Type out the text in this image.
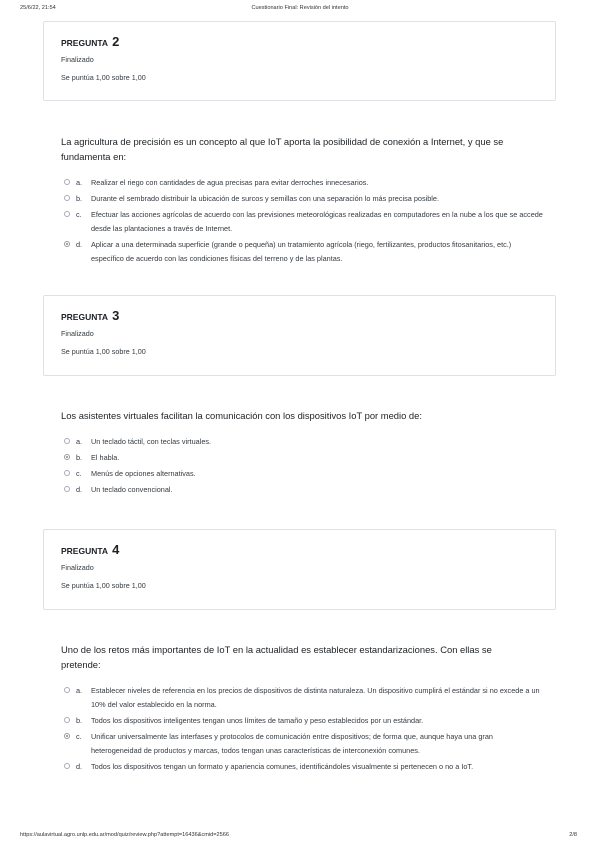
25/6/22, 21:54	Cuestionario Final: Revisión del intento
PREGUNTA 2
Finalizado
Se puntúa 1,00 sobre 1,00
La agricultura de precisión es un concepto al que IoT aporta la posibilidad de conexión a Internet, y que se fundamenta en:
a. Realizar el riego con cantidades de agua precisas para evitar derroches innecesarios.
b. Durante el sembrado distribuir la ubicación de surcos y semillas con una separación lo más precisa posible.
c. Efectuar las acciones agrícolas de acuerdo con las previsiones meteorológicas realizadas en computadores en la nube a los que se accede desde las plantaciones a través de Internet.
d. Aplicar a una determinada superficie (grande o pequeña) un tratamiento agrícola (riego, fertilizantes, productos fitosanitarios, etc.) específico de acuerdo con las condiciones físicas del terreno y de las plantas.
PREGUNTA 3
Finalizado
Se puntúa 1,00 sobre 1,00
Los asistentes virtuales facilitan la comunicación con los dispositivos IoT por medio de:
a. Un teclado táctil, con teclas virtuales.
b. El habla.
c. Menús de opciones alternativas.
d. Un teclado convencional.
PREGUNTA 4
Finalizado
Se puntúa 1,00 sobre 1,00
Uno de los retos más importantes de IoT en la actualidad es establecer estandarizaciones. Con ellas se pretende:
a. Establecer niveles de referencia en los precios de dispositivos de distinta naturaleza. Un dispositivo cumplirá el estándar si no excede a un 10% del valor establecido en la norma.
b. Todos los dispositivos inteligentes tengan unos límites de tamaño y peso establecidos por un estándar.
c. Unificar universalmente las interfases y protocolos de comunicación entre dispositivos; de forma que, aunque haya una gran heterogeneidad de productos y marcas, todos tengan unas características de interconexión comunes.
d. Todos los dispositivos tengan un formato y apariencia comunes, identificándoles visualmente si pertenecen o no a IoT.
https://aulavirtual.agro.unlp.edu.ar/mod/quiz/review.php?attempt=16436&cmid=2566	2/8
